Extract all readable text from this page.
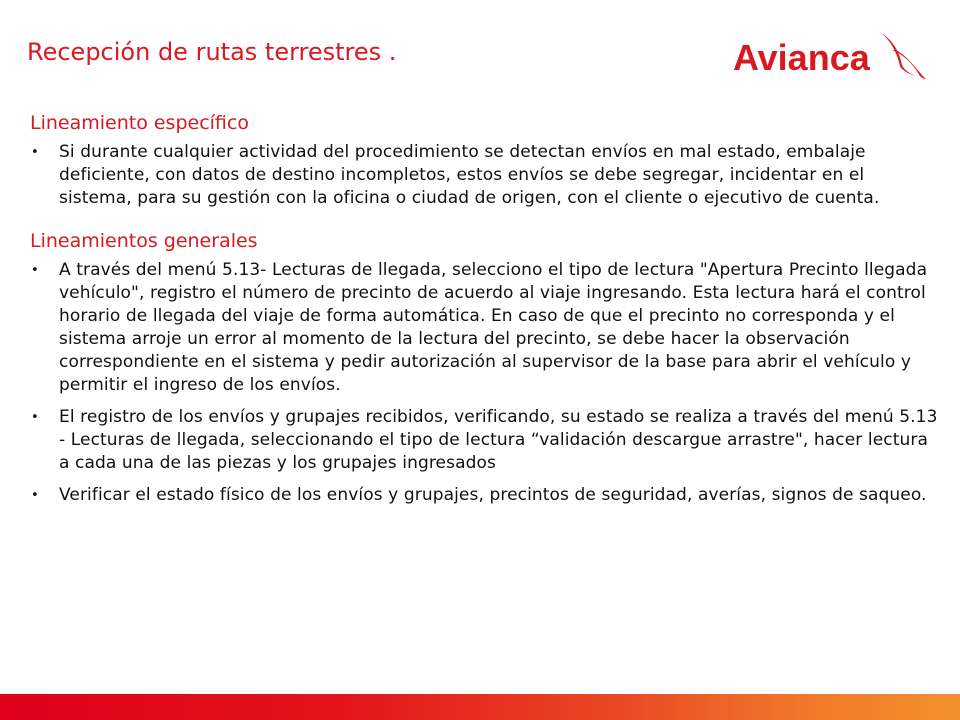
Recepción de rutas terrestres .	Avianca
Lineamiento específico
• Si durante cualquier actividad del procedimiento se detectan envíos en mal estado, embalaje deficiente, con datos de destino incompletos, estos envíos se debe segregar, incidentar en el sistema, para su gestión con la oficina o ciudad de origen, con el cliente o ejecutivo de cuenta.
Lineamientos generales
• A través del menú 5.13- Lecturas de llegada, selecciono el tipo de lectura "Apertura Precinto llegada vehículo", registro el número de precinto de acuerdo al viaje ingresando. Esta lectura hará el control horario de llegada del viaje de forma automática. En caso de que el precinto no corresponda y el sistema arroje un error al momento de la lectura del precinto, se debe hacer la observación correspondiente en el sistema y pedir autorización al supervisor de la base para abrir el vehículo y permitir el ingreso de los envíos.
• El registro de los envíos y grupajes recibidos, verificando, su estado se realiza a través del menú 5.13 - Lecturas de llegada, seleccionando el tipo de lectura “validación descargue arrastre", hacer lectura a cada una de las piezas y los grupajes ingresados
• Verificar el estado físico de los envíos y grupajes, precintos de seguridad, averías, signos de saqueo.
